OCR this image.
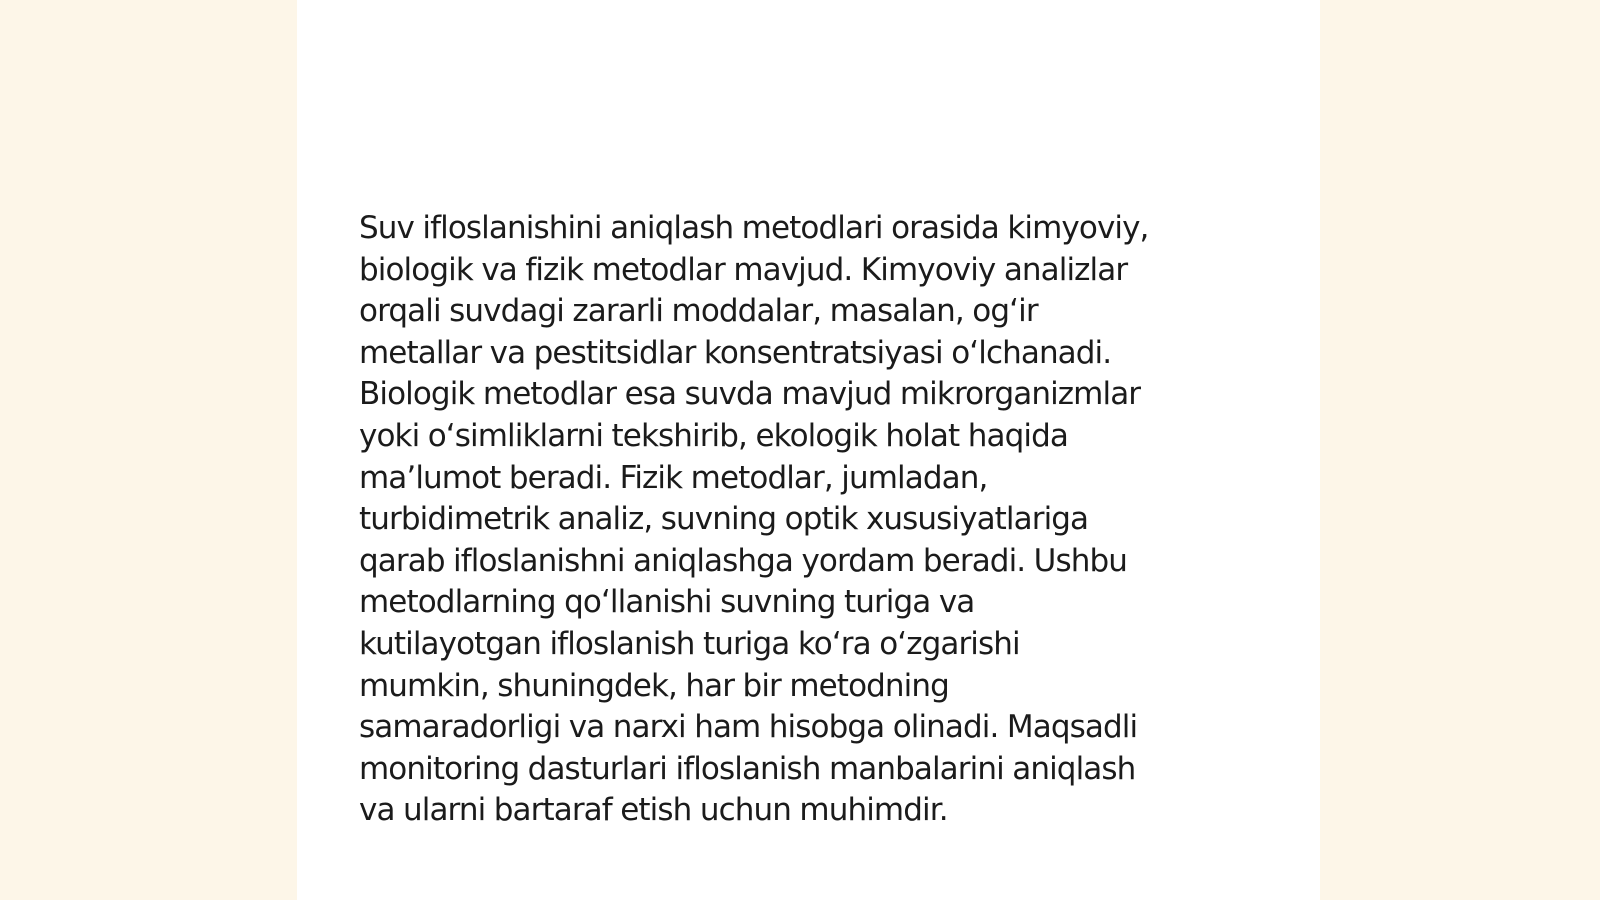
Suv ifloslanishini aniqlash metodlari orasida kimyoviy,
biologik va fizik metodlar mavjud. Kimyoviy analizlar
orqali suvdagi zararli moddalar, masalan, og‘ir
metallar va pestitsidlar konsentratsiyasi o‘lchanadi.
Biologik metodlar esa suvda mavjud mikrorganizmlar
yoki o‘simliklarni tekshirib, ekologik holat haqida
ma’lumot beradi. Fizik metodlar, jumladan,
turbidimetrik analiz, suvning optik xususiyatlariga
qarab ifloslanishni aniqlashga yordam beradi. Ushbu
metodlarning qo‘llanishi suvning turiga va
kutilayotgan ifloslanish turiga ko‘ra o‘zgarishi
mumkin, shuningdek, har bir metodning
samaradorligi va narxi ham hisobga olinadi. Maqsadli
monitoring dasturlari ifloslanish manbalarini aniqlash
va ularni bartaraf etish uchun muhimdir.
